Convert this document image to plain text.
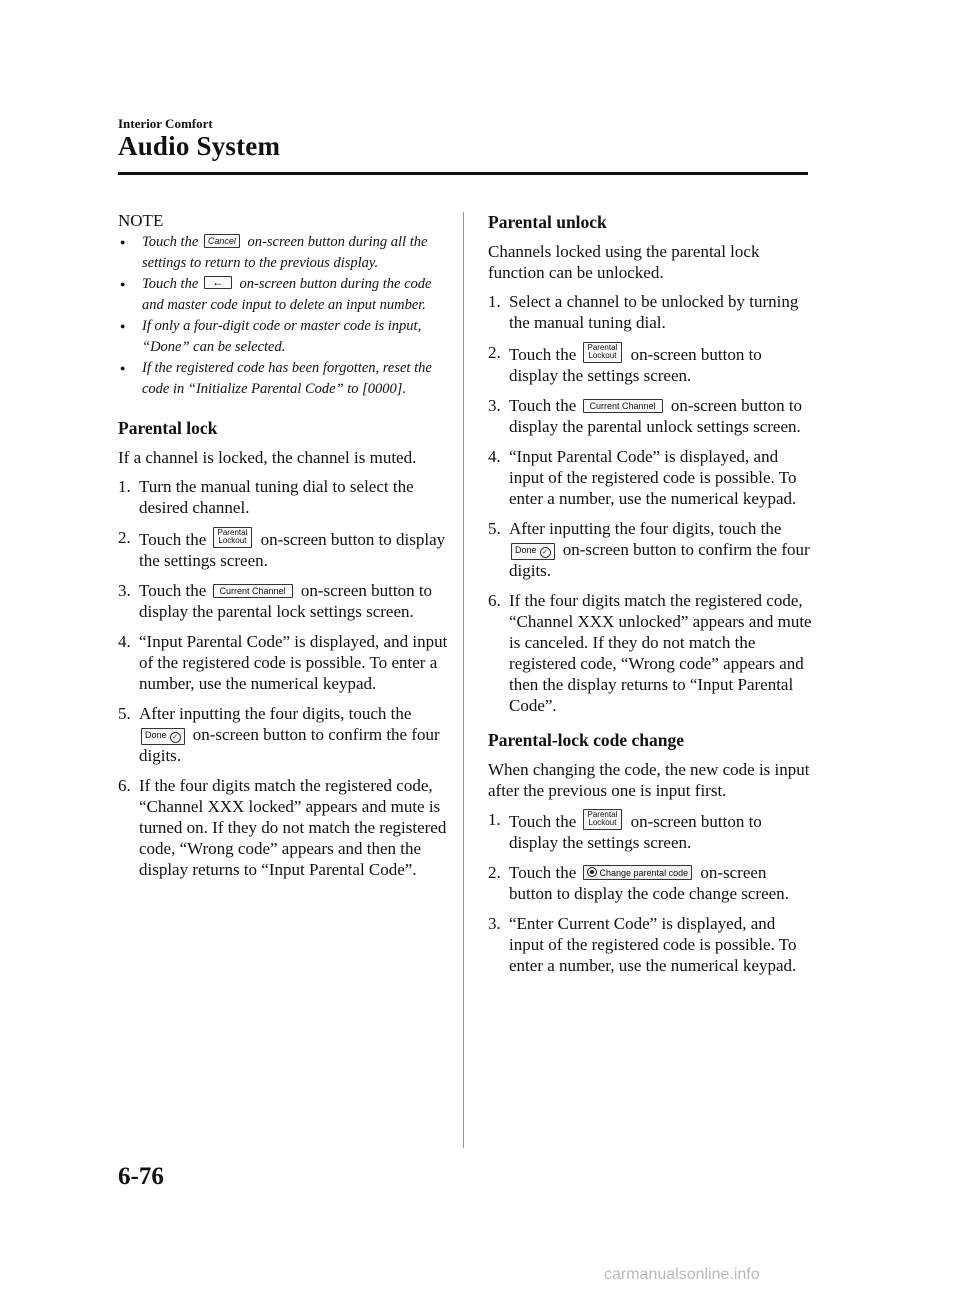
Interior Comfort
Audio System
NOTE
● Touch the Cancel on-screen button during all the settings to return to the previous display.
● Touch the ← on-screen button during the code and master code input to delete an input number.
● If only a four-digit code or master code is input, “Done” can be selected.
● If the registered code has been forgotten, reset the code in “Initialize Parental Code” to [0000].
Parental lock

If a channel is locked, the channel is muted.

1. Turn the manual tuning dial to select the desired channel.
2. Touch the Parental
Lockout on-screen button to display the settings screen.
3. Touch the Current Channel on-screen button to display the parental lock settings screen.
4. “Input Parental Code” is displayed, and input of the registered code is possible. To enter a number, use the numerical keypad.
5. After inputting the four digits, touch the Done ✓ on-screen button to confirm the four digits.
6. If the four digits match the registered code, “Channel XXX locked” appears and mute is turned on. If they do not match the registered code, “Wrong code” appears and then the display returns to “Input Parental Code”.
Parental unlock

Channels locked using the parental lock function can be unlocked.

1. Select a channel to be unlocked by turning the manual tuning dial.
2. Touch the Parental
Lockout on-screen button to display the settings screen.
3. Touch the Current Channel on-screen button to display the parental unlock settings screen.
4. “Input Parental Code” is displayed, and input of the registered code is possible. To enter a number, use the numerical keypad.
5. After inputting the four digits, touch the Done ✓ on-screen button to confirm the four digits.
6. If the four digits match the registered code, “Channel XXX unlocked” appears and mute is canceled. If they do not match the registered code, “Wrong code” appears and then the display returns to “Input Parental Code”.
Parental-lock code change

When changing the code, the new code is input after the previous one is input first.

1. Touch the Parental
Lockout on-screen button to display the settings screen.
2. Touch the	Change parental code on-screen button to display the code change screen.
3. “Enter Current Code” is displayed, and input of the registered code is possible. To enter a number, use the numerical keypad.
6-76
carmanualsonline.info
